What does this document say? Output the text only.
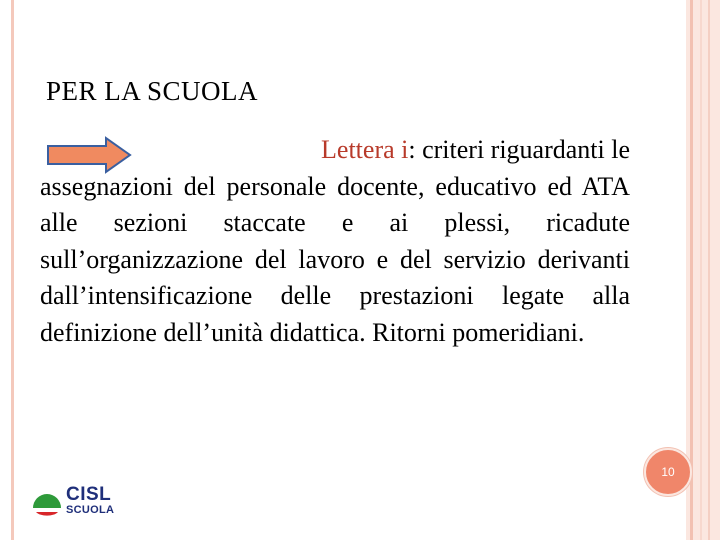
PER LA SCUOLA
Lettera i: criteri riguardanti le
assegnazioni del personale docente, educativo ed ATA alle sezioni staccate e ai plessi, ricadute sull’organizzazione del lavoro e del servizio derivanti dall’intensificazione delle prestazioni legate alla definizione dell’unità didattica. Ritorni pomeridiani.
10
CISL
SCUOLA
